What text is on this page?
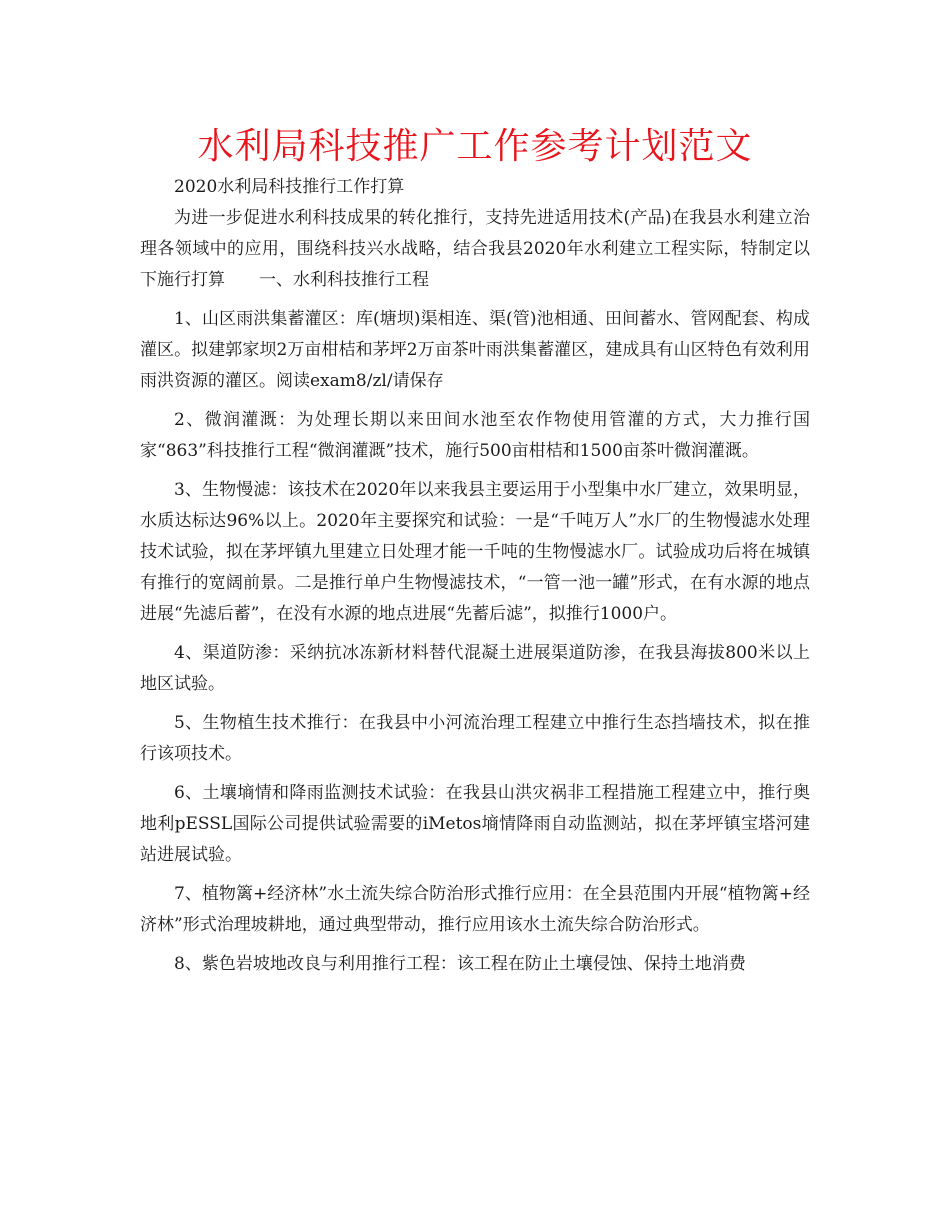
水利局科技推广工作参考计划范文

2020水利局科技推行工作打算

为进一步促进水利科技成果的转化推行，支持先进适用技术(产品)在我县水利建立治理各领域中的应用，围绕科技兴水战略，结合我县2020年水利建立工程实际，特制定以下施行打算　　一、水利科技推行工程

1、山区雨洪集蓄灌区：库(塘坝)渠相连、渠(管)池相通、田间蓄水、管网配套、构成灌区。拟建郭家坝2万亩柑桔和茅坪2万亩茶叶雨洪集蓄灌区，建成具有山区特色有效利用雨洪资源的灌区。阅读exam8/zl/请保存

2、微润灌溉：为处理长期以来田间水池至农作物使用管灌的方式，大力推行国家“863”科技推行工程“微润灌溉”技术，施行500亩柑桔和1500亩茶叶微润灌溉。

3、生物慢滤：该技术在2020年以来我县主要运用于小型集中水厂建立，效果明显，水质达标达96%以上。2020年主要探究和试验：一是“千吨万人”水厂的生物慢滤水处理技术试验，拟在茅坪镇九里建立日处理才能一千吨的生物慢滤水厂。试验成功后将在城镇有推行的宽阔前景。二是推行单户生物慢滤技术，“一管一池一罐”形式，在有水源的地点进展“先滤后蓄”，在没有水源的地点进展“先蓄后滤”，拟推行1000户。

4、渠道防渗：采纳抗冰冻新材料替代混凝土进展渠道防渗，在我县海拔800米以上地区试验。

5、生物植生技术推行：在我县中小河流治理工程建立中推行生态挡墙技术，拟在推行该项技术。

6、土壤墒情和降雨监测技术试验：在我县山洪灾祸非工程措施工程建立中，推行奥地利pESSL国际公司提供试验需要的iMetos墒情降雨自动监测站，拟在茅坪镇宝塔河建站进展试验。

7、植物篱+经济林”水土流失综合防治形式推行应用：在全县范围内开展“植物篱+经济林”形式治理坡耕地，通过典型带动，推行应用该水土流失综合防治形式。

8、紫色岩坡地改良与利用推行工程：该工程在防止土壤侵蚀、保持土地消费
